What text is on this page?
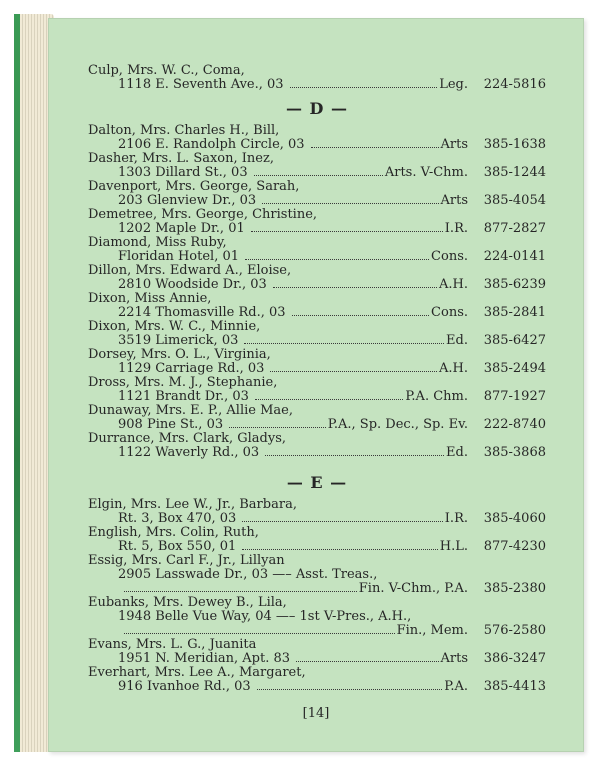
Culp, Mrs. W. C., Coma,
1118 E. Seventh Ave., 03	Leg.	224-5816
— D —
Dalton, Mrs. Charles H., Bill,
2106 E. Randolph Circle, 03	Arts	385-1638
Dasher, Mrs. L. Saxon, Inez,
1303 Dillard St., 03	Arts. V-Chm.	385-1244
Davenport, Mrs. George, Sarah,
203 Glenview Dr., 03	Arts	385-4054
Demetree, Mrs. George, Christine,
1202 Maple Dr., 01	I.R.	877-2827
Diamond, Miss Ruby,
Floridan Hotel, 01	Cons.	224-0141
Dillon, Mrs. Edward A., Eloise,
2810 Woodside Dr., 03	A.H.	385-6239
Dixon, Miss Annie,
2214 Thomasville Rd., 03	Cons.	385-2841
Dixon, Mrs. W. C., Minnie,
3519 Limerick, 03	Ed.	385-6427
Dorsey, Mrs. O. L., Virginia,
1129 Carriage Rd., 03	A.H.	385-2494
Dross, Mrs. M. J., Stephanie,
1121 Brandt Dr., 03	P.A. Chm.	877-1927
Dunaway, Mrs. E. P., Allie Mae,
908 Pine St., 03	P.A., Sp. Dec., Sp. Ev.	222-8740
Durrance, Mrs. Clark, Gladys,
1122 Waverly Rd., 03	Ed.	385-3868
— E —
Elgin, Mrs. Lee W., Jr., Barbara,
Rt. 3, Box 470, 03	I.R.	385-4060
English, Mrs. Colin, Ruth,
Rt. 5, Box 550, 01	H.L.	877-4230
Essig, Mrs. Carl F., Jr., Lillyan
2905 Lasswade Dr., 03 —– Asst. Treas.,
Fin. V-Chm., P.A.	385-2380
Eubanks, Mrs. Dewey B., Lila,
1948 Belle Vue Way, 04 —– 1st V-Pres., A.H.,
Fin., Mem.	576-2580
Evans, Mrs. L. G., Juanita
1951 N. Meridian, Apt. 83	Arts	386-3247
Everhart, Mrs. Lee A., Margaret,
916 Ivanhoe Rd., 03	P.A.	385-4413
[14]
